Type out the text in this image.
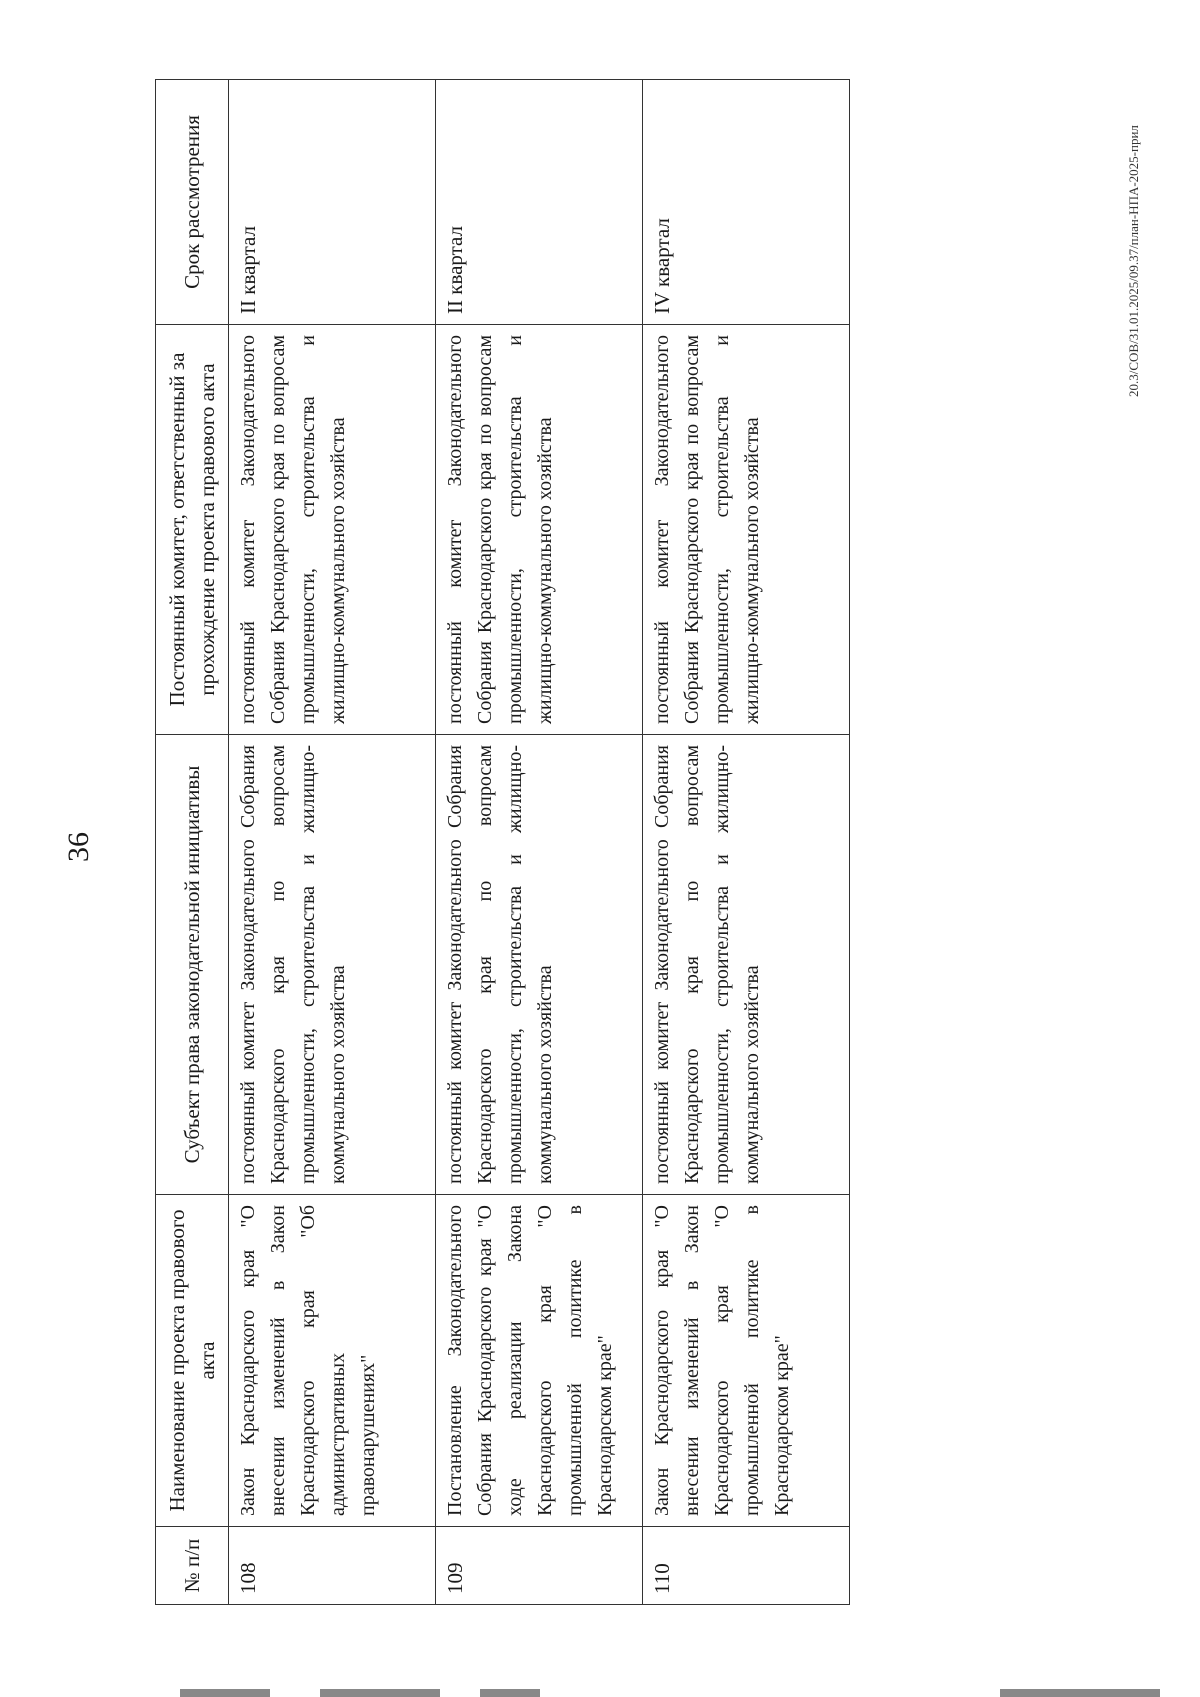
36
№ п/п	Наименование проекта правового акта	Субъект права законодательной инициативы	Постоянный комитет, ответственный за прохождение проекта правового акта	Срок рассмотрения
108	Закон Краснодарского края "О внесении изменений в Закон Краснодарского края "Об административных правонарушениях"	постоянный комитет Законодательного Собрания Краснодарского края по вопросам промышленности, строительства и жилищно-коммунального хозяйства	постоянный комитет Законодательного Собрания Краснодарского края по вопросам промышленности, строительства и жилищно-коммунального хозяйства	II квартал
109	Постановление Законодательного Собрания Краснодарского края "О ходе реализации Закона Краснодарского края "О промышленной политике в Краснодарском крае"	постоянный комитет Законодательного Собрания Краснодарского края по вопросам промышленности, строительства и жилищно-коммунального хозяйства	постоянный комитет Законодательного Собрания Краснодарского края по вопросам промышленности, строительства и жилищно-коммунального хозяйства	II квартал
110	Закон Краснодарского края "О внесении изменений в Закон Краснодарского края "О промышленной политике в Краснодарском крае"	постоянный комитет Законодательного Собрания Краснодарского края по вопросам промышленности, строительства и жилищно-коммунального хозяйства	постоянный комитет Законодательного Собрания Краснодарского края по вопросам промышленности, строительства и жилищно-коммунального хозяйства	IV квартал	20.3/СОВ/31.01.2025/09.37/план-НПА-2025-прил
